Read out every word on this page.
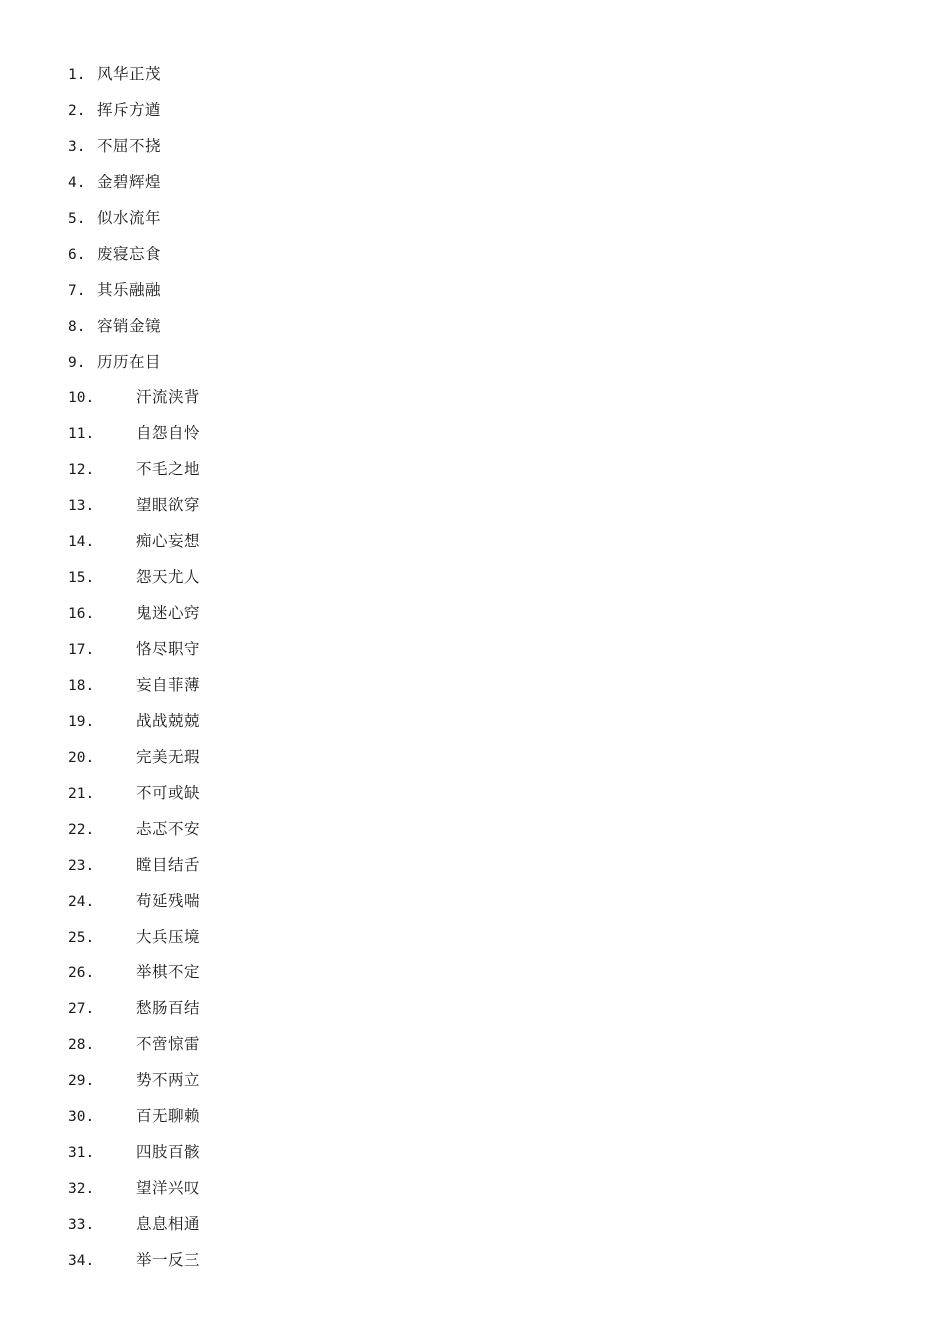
1. 风华正茂
2. 挥斥方遒
3. 不屈不挠
4. 金碧辉煌
5. 似水流年
6. 废寝忘食
7. 其乐融融
8. 容销金镜
9. 历历在目
10.	汗流浃背
11.	自怨自怜
12.	不毛之地
13.	望眼欲穿
14.	痴心妄想
15.	怨天尤人
16.	鬼迷心窍
17.	恪尽职守
18.	妄自菲薄
19.	战战兢兢
20.	完美无瑕
21.	不可或缺
22.	忐忑不安
23.	瞠目结舌
24.	苟延残喘
25.	大兵压境
26.	举棋不定
27.	愁肠百结
28.	不啻惊雷
29.	势不两立
30.	百无聊赖
31.	四肢百骸
32.	望洋兴叹
33.	息息相通
34.	举一反三
